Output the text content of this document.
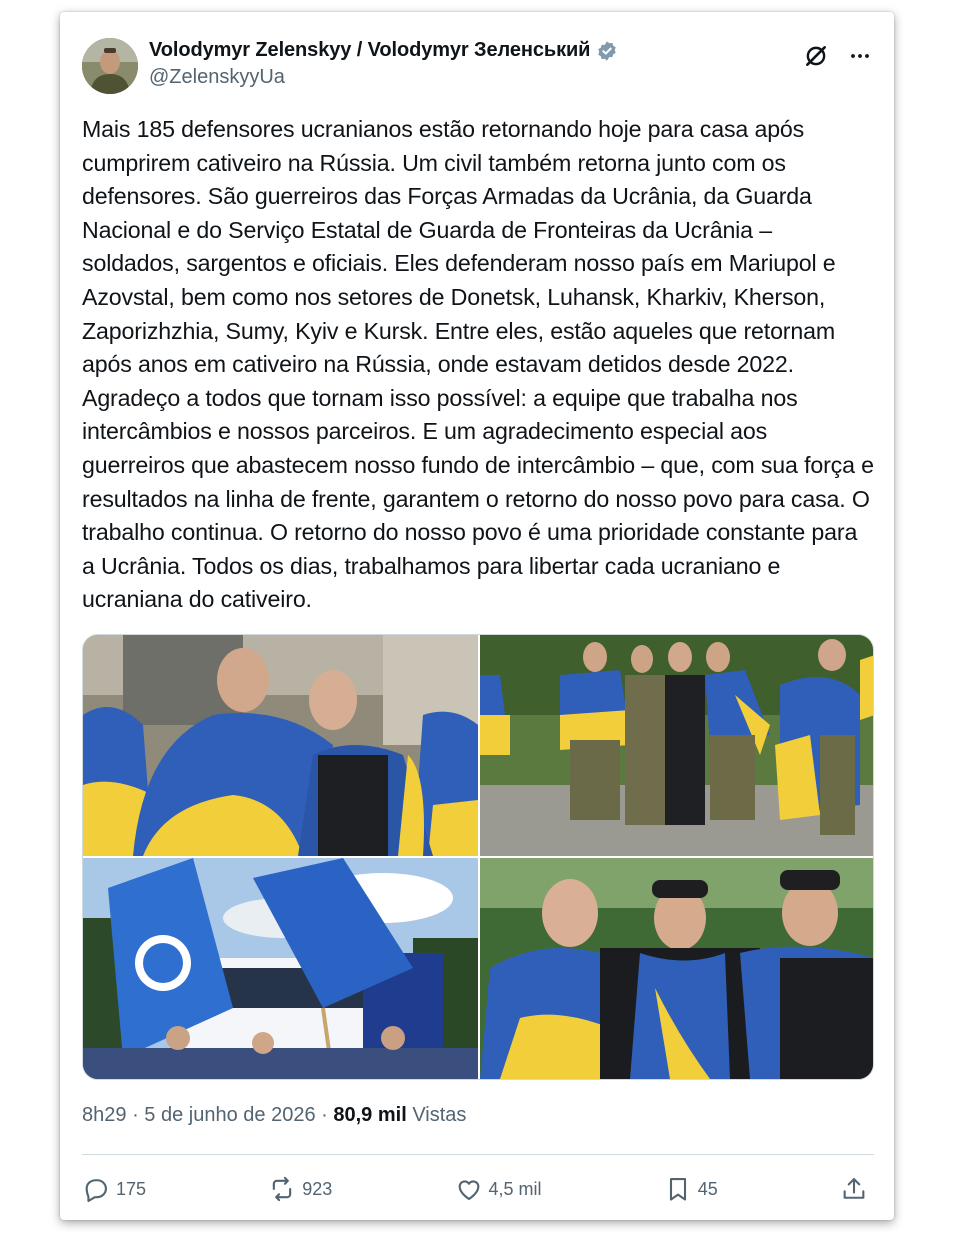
Volodymyr Zelenskyy / Volodymyr Зеленський
@ZelenskyyUa
Mais 185 defensores ucranianos estão retornando hoje para casa após cumprirem cativeiro na Rússia. Um civil também retorna junto com os defensores. São guerreiros das Forças Armadas da Ucrânia, da Guarda Nacional e do Serviço Estatal de Guarda de Fronteiras da Ucrânia – soldados, sargentos e oficiais. Eles defenderam nosso país em Mariupol e Azovstal, bem como nos setores de Donetsk, Luhansk, Kharkiv, Kherson, Zaporizhzhia, Sumy, Kyiv e Kursk. Entre eles, estão aqueles que retornam após anos em cativeiro na Rússia, onde estavam detidos desde 2022. Agradeço a todos que tornam isso possível: a equipe que trabalha nos intercâmbios e nossos parceiros. E um agradecimento especial aos guerreiros que abastecem nosso fundo de intercâmbio – que, com sua força e resultados na linha de frente, garantem o retorno do nosso povo para casa. O trabalho continua. O retorno do nosso povo é uma prioridade constante para a Ucrânia. Todos os dias, trabalhamos para libertar cada ucraniano e ucraniana do cativeiro.
8h29 · 5 de junho de 2026 · 80,9 mil Vistas
175	923	4,5 mil	45
